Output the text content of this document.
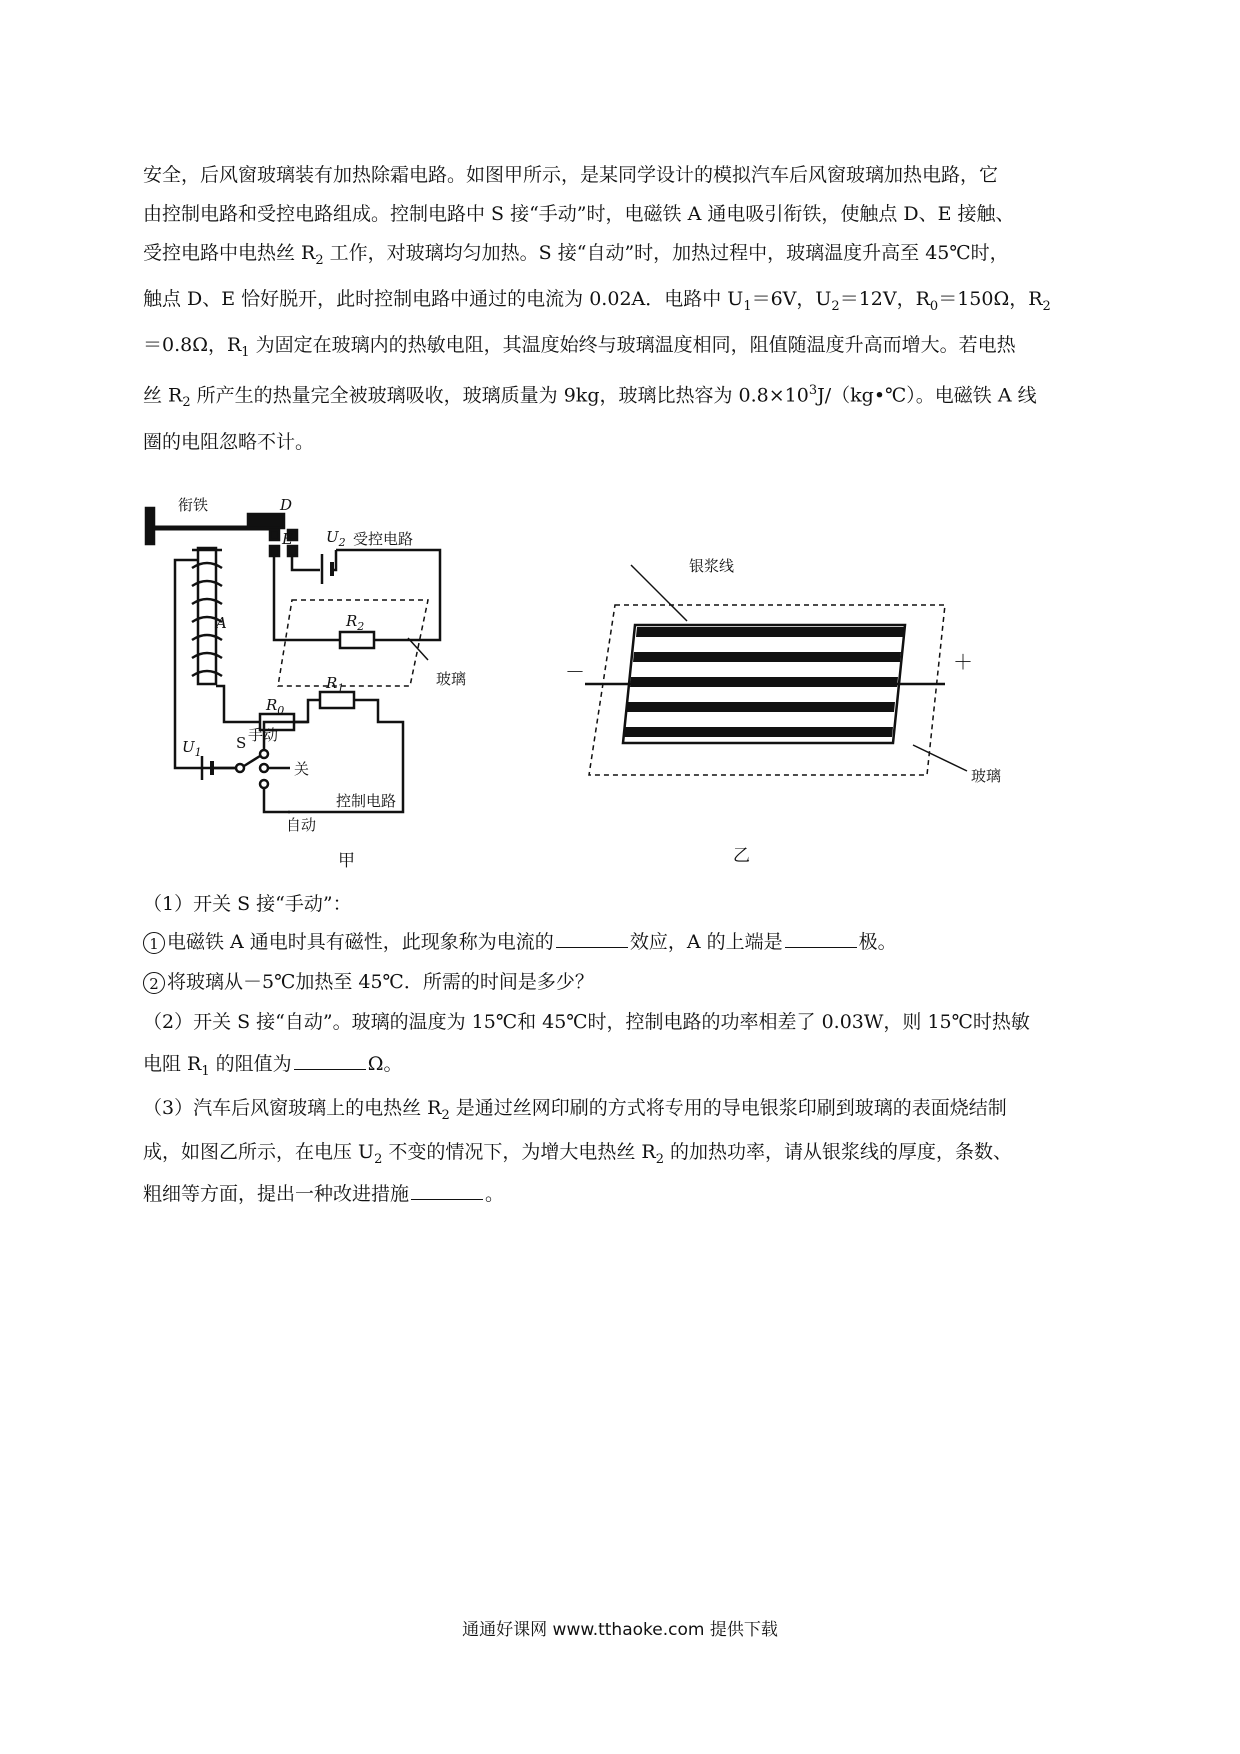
安全，后风窗玻璃装有加热除霜电路。如图甲所示，是某同学设计的模拟汽车后风窗玻璃加热电路，它
由控制电路和受控电路组成。控制电路中 S 接“手动”时，电磁铁 A 通电吸引衔铁，使触点 D、E 接触、
受控电路中电热丝 $R_2$ 工作，对玻璃均匀加热。S 接“自动”时，加热过程中，玻璃温度升高至 45℃时，
触点 D、E 恰好脱开，此时控制电路中通过的电流为 0.02A．电路中 $U_1=6V$，$U_2=12V$，$R_0=150\Omega$，$R_2$
＝0.8Ω，$R_1$ 为固定在玻璃内的热敏电阻，其温度始终与玻璃温度相同，阻值随温度升高而增大。若电热
丝 $R_2$ 所产生的热量完全被玻璃吸收，玻璃质量为 9kg，玻璃比热容为 $0.8\times 10^3J/(kg•℃)$。电磁铁 A 线
圈的电阻忽略不计。
衔铁	D
E $U_2$ 受控电路
A	$R_2$
$R_1$
$R_0$
玻璃
S 手动
$U_1$
关
控制电路
自动
甲
银浆线
－	＋
玻璃
乙
（1）开关 S 接“手动”：
1 电磁铁 A 通电时具有磁性，此现象称为电流的	效应，A 的上端是	极。
2 将玻璃从－5℃加热至 45℃．所需的时间是多少？
（2）开关 S 接“自动”。玻璃的温度为 15℃和 45℃时，控制电路的功率相差了 0.03W，则 15℃时热敏
电阻 $R_1$ 的阻值为	Ω。
（3）汽车后风窗玻璃上的电热丝 $R_2$ 是通过丝网印刷的方式将专用的导电银浆印刷到玻璃的表面烧结制
成，如图乙所示，在电压 $U_2$ 不变的情况下，为增大电热丝 $R_2$ 的加热功率，请从银浆线的厚度，条数、
粗细等方面，提出一种改进措施	。
通通好课网 www.tthaoke.com 提供下载
